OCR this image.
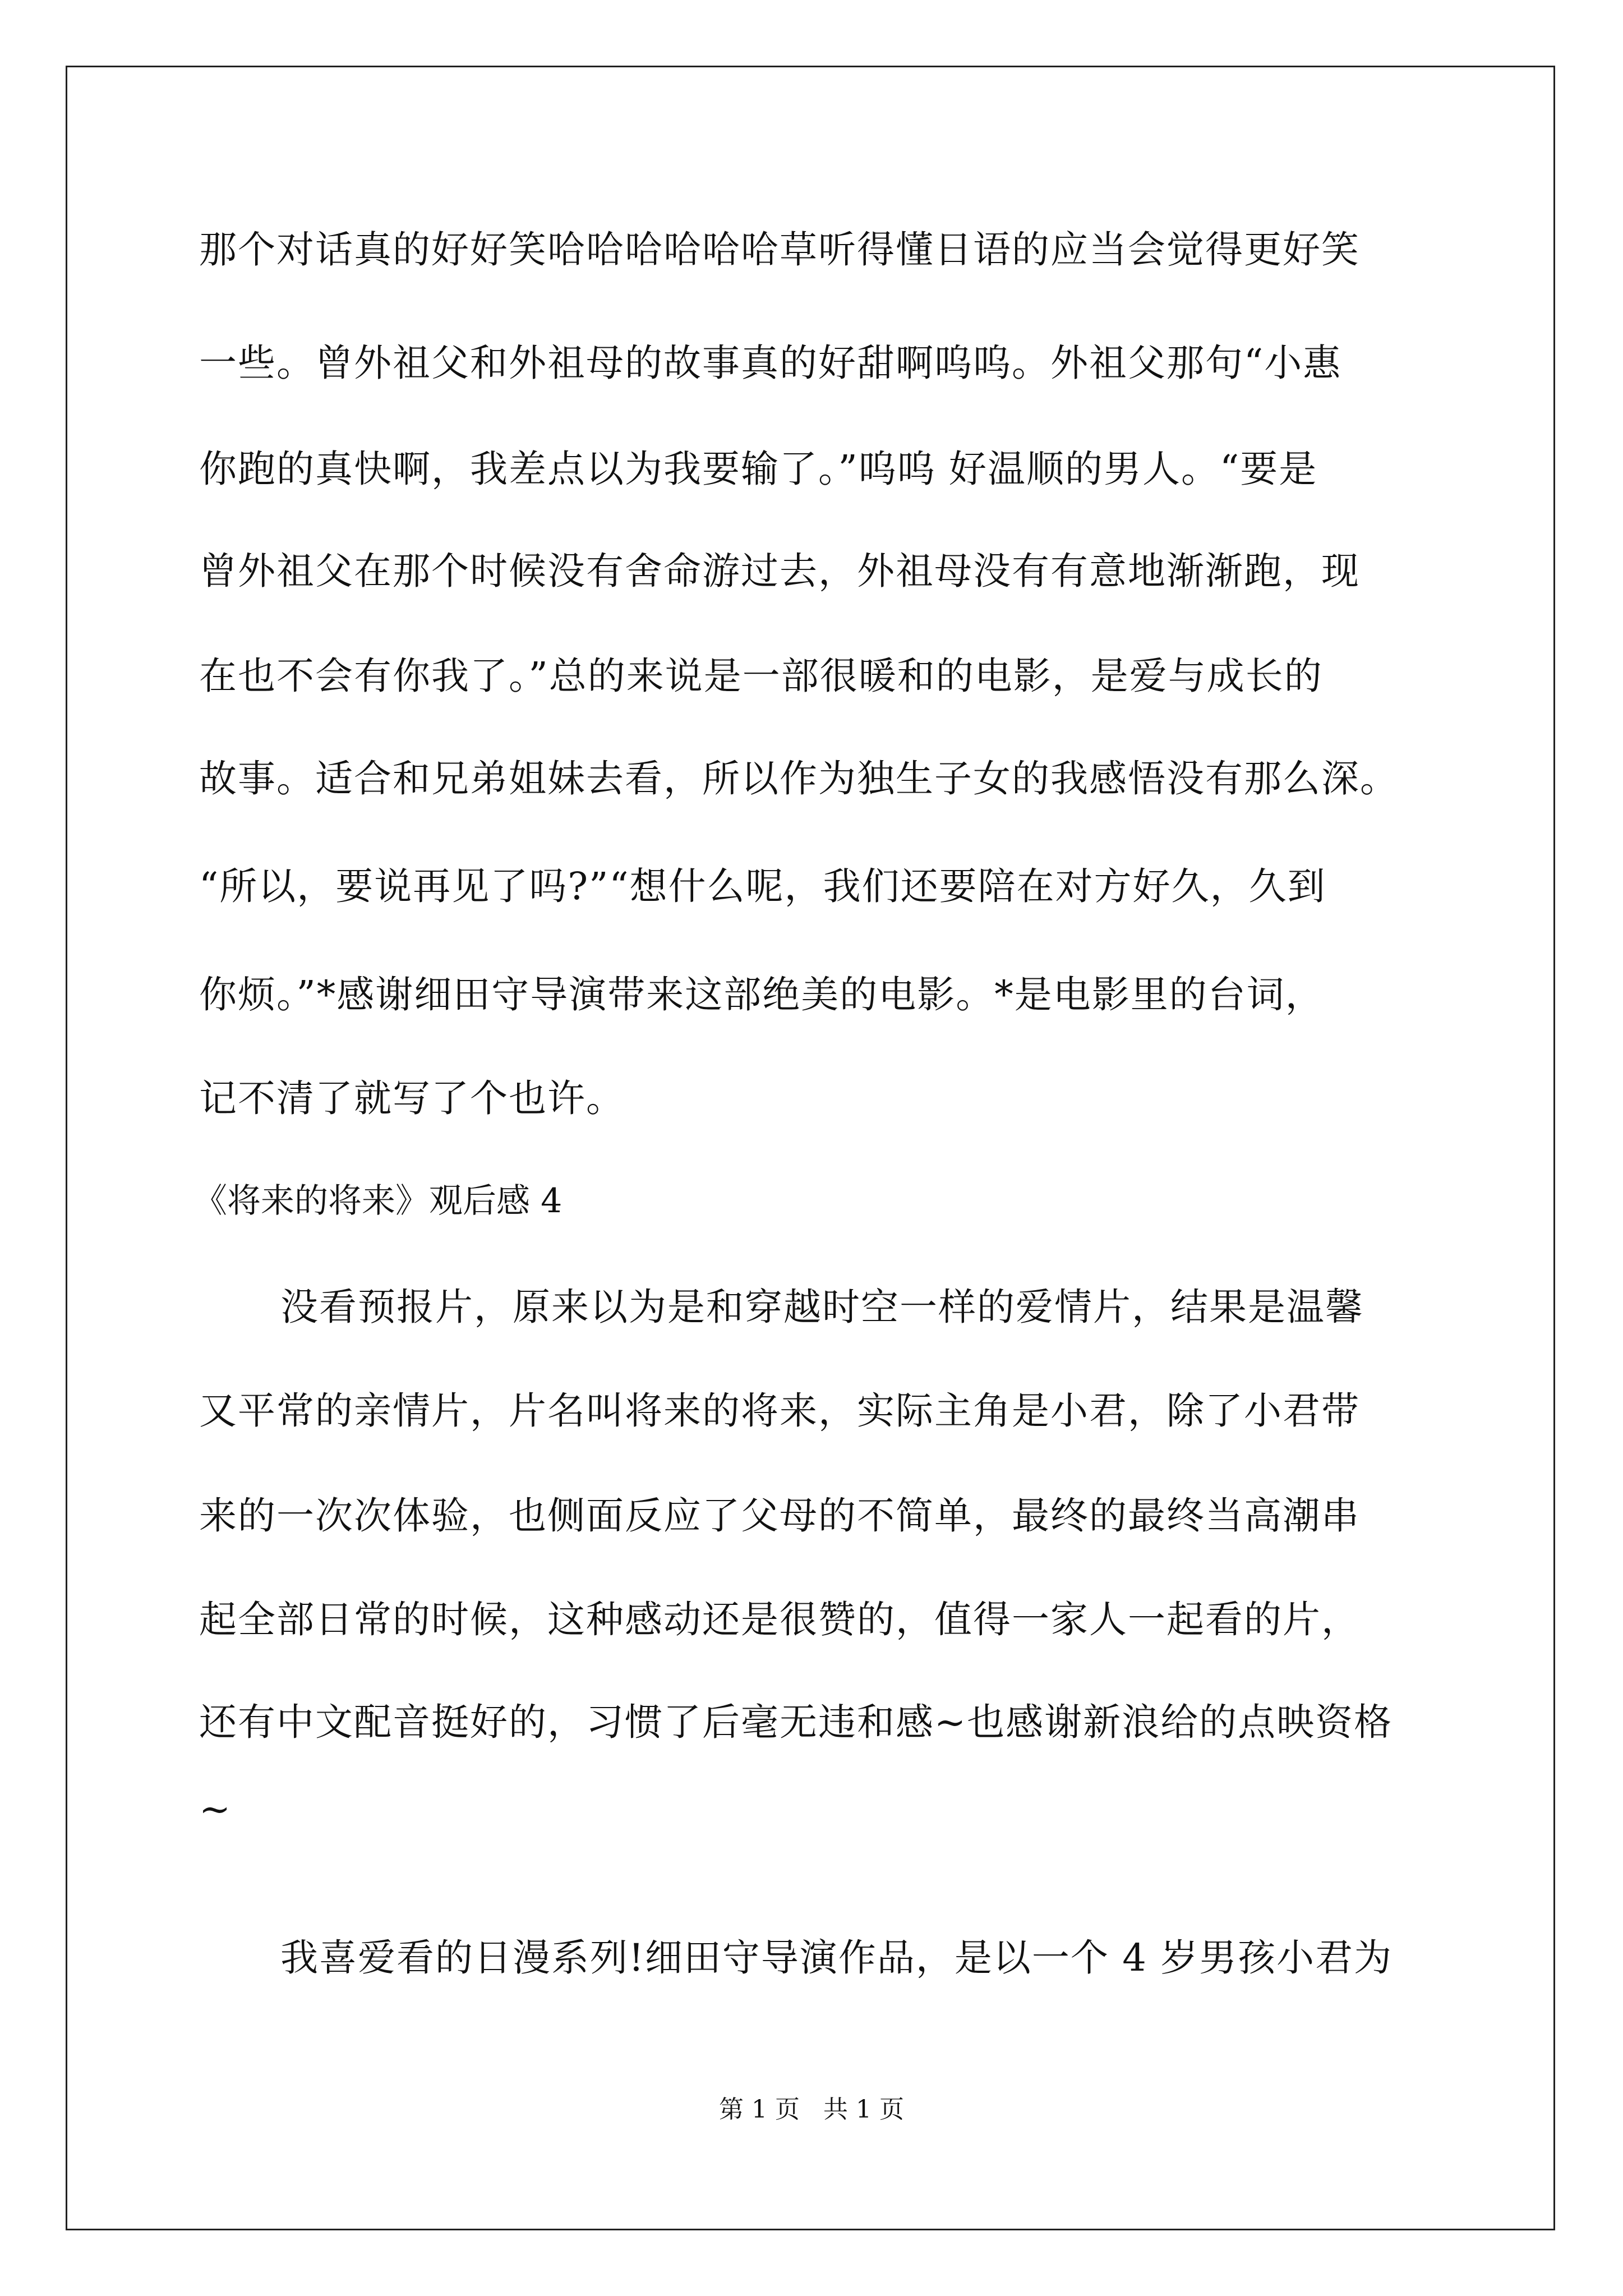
那个对话真的好好笑哈哈哈哈哈哈草听得懂日语的应当会觉得更好笑
一些。曾外祖父和外祖母的故事真的好甜啊呜呜。外祖父那句“小惠
你跑的真快啊，我差点以为我要输了。”呜呜 好温顺的男人。“要是
曾外祖父在那个时候没有舍命游过去，外祖母没有有意地渐渐跑，现
在也不会有你我了。”总的来说是一部很暖和的电影，是爱与成长的
故事。适合和兄弟姐妹去看，所以作为独生子女的我感悟没有那么深。
“所以，要说再见了吗?”“想什么呢，我们还要陪在对方好久，久到
你烦。”*感谢细田守导演带来这部绝美的电影。*是电影里的台词，
记不清了就写了个也许。
《将来的将来》观后感 4
没看预报片，原来以为是和穿越时空一样的爱情片，结果是温馨
又平常的亲情片，片名叫将来的将来，实际主角是小君，除了小君带
来的一次次体验，也侧面反应了父母的不简单，最终的最终当高潮串
起全部日常的时候，这种感动还是很赞的，值得一家人一起看的片，
还有中文配音挺好的，习惯了后毫无违和感~也感谢新浪给的点映资格
~
我喜爱看的日漫系列!细田守导演作品，是以一个 4 岁男孩小君为
第 1 页 共 1 页
